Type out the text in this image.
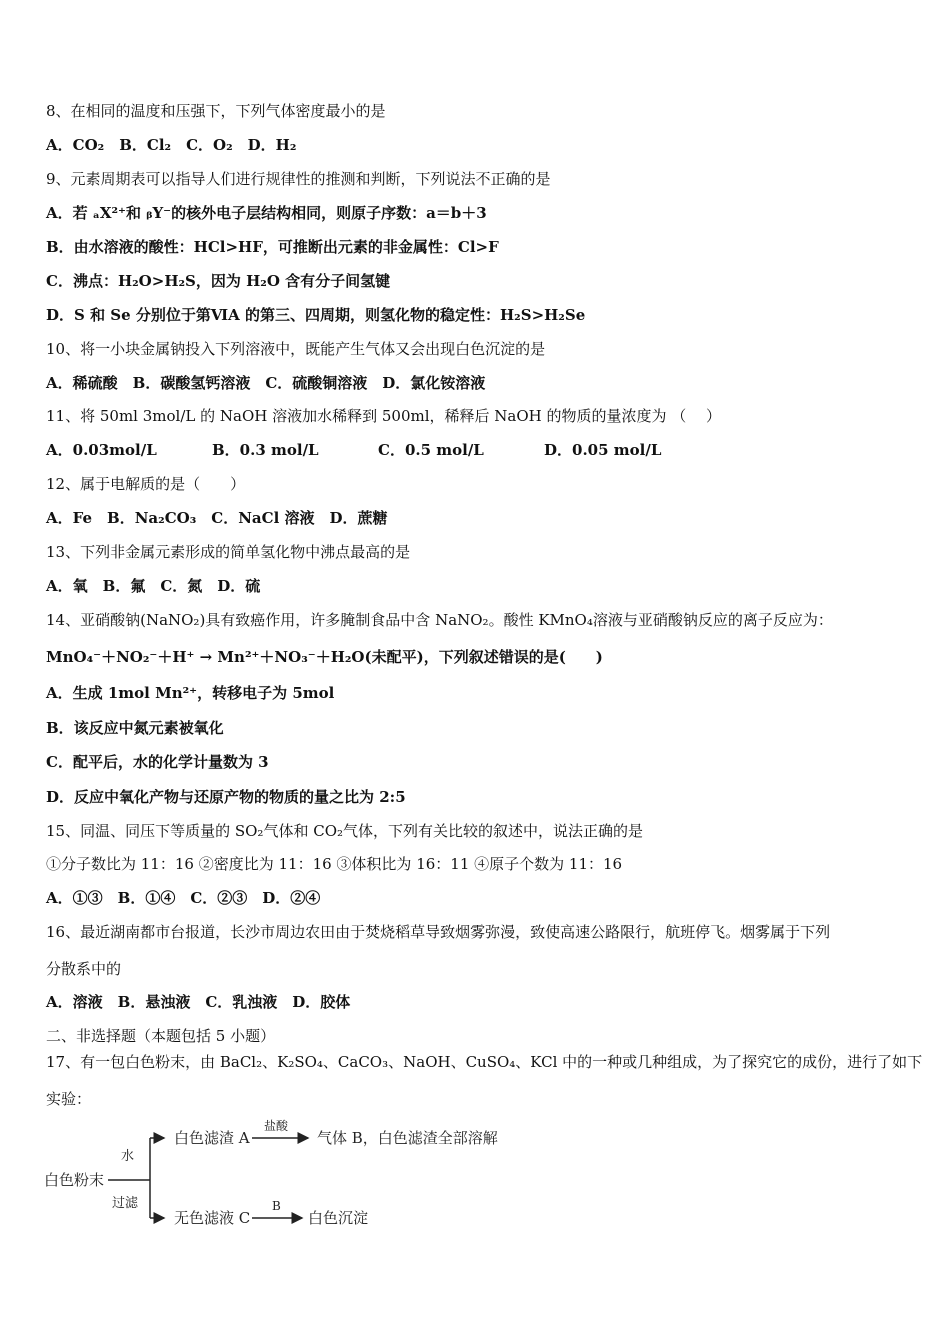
8、在相同的温度和压强下，下列气体密度最小的是
A．CO₂　B．Cl₂　C．O₂　D．H₂
9、元素周期表可以指导人们进行规律性的推测和判断，下列说法不正确的是
A．若 ₐX²⁺和 ᵦY⁻的核外电子层结构相同，则原子序数：a＝b＋3
B．由水溶液的酸性：HCl>HF，可推断出元素的非金属性：Cl>F
C．沸点：H₂O>H₂S，因为 H₂O 含有分子间氢键
D．S 和 Se 分别位于第ⅥA 的第三、四周期，则氢化物的稳定性：H₂S>H₂Se
10、将一小块金属钠投入下列溶液中，既能产生气体又会出现白色沉淀的是
A．稀硫酸　B．碳酸氢钙溶液　C．硫酸铜溶液　D．氯化铵溶液
11、将 50ml 3mol/L 的 NaOH 溶液加水稀释到 500ml，稀释后 NaOH 的物质的量浓度为 （　 ）
A．0.03mol/L	B．0.3 mol/L	C．0.5 mol/L	D．0.05 mol/L
12、属于电解质的是（　　）
A．Fe　B．Na₂CO₃　C．NaCl 溶液　D．蔗糖
13、下列非金属元素形成的简单氢化物中沸点最高的是
A．氧　B．氟　C．氮　D．硫
14、亚硝酸钠(NaNO₂)具有致癌作用，许多腌制食品中含 NaNO₂。酸性 KMnO₄溶液与亚硝酸钠反应的离子反应为：
MnO₄⁻＋NO₂⁻＋H⁺ → Mn²⁺＋NO₃⁻＋H₂O(未配平)，下列叙述错误的是(　　)
A．生成 1mol Mn²⁺，转移电子为 5mol
B．该反应中氮元素被氧化
C．配平后，水的化学计量数为 3
D．反应中氧化产物与还原产物的物质的量之比为 2:5
15、同温、同压下等质量的 SO₂气体和 CO₂气体，下列有关比较的叙述中，说法正确的是
①分子数比为 11：16 ②密度比为 11：16 ③体积比为 16：11 ④原子个数为 11：16
A．①③　B．①④　C．②③　D．②④
16、最近湖南都市台报道，长沙市周边农田由于焚烧稻草导致烟雾弥漫，致使高速公路限行，航班停飞。烟雾属于下列
分散系中的
A．溶液　B．悬浊液　C．乳浊液　D．胶体
二、非选择题（本题包括 5 小题）
17、有一包白色粉末，由 BaCl₂、K₂SO₄、CaCO₃、NaOH、CuSO₄、KCl 中的一种或几种组成，为了探究它的成份，进行了如下
实验：
白色粉末
水
过滤
白色滤渣 A
盐酸
气体 B，白色滤渣全部溶解
无色滤液 C
B
白色沉淀
